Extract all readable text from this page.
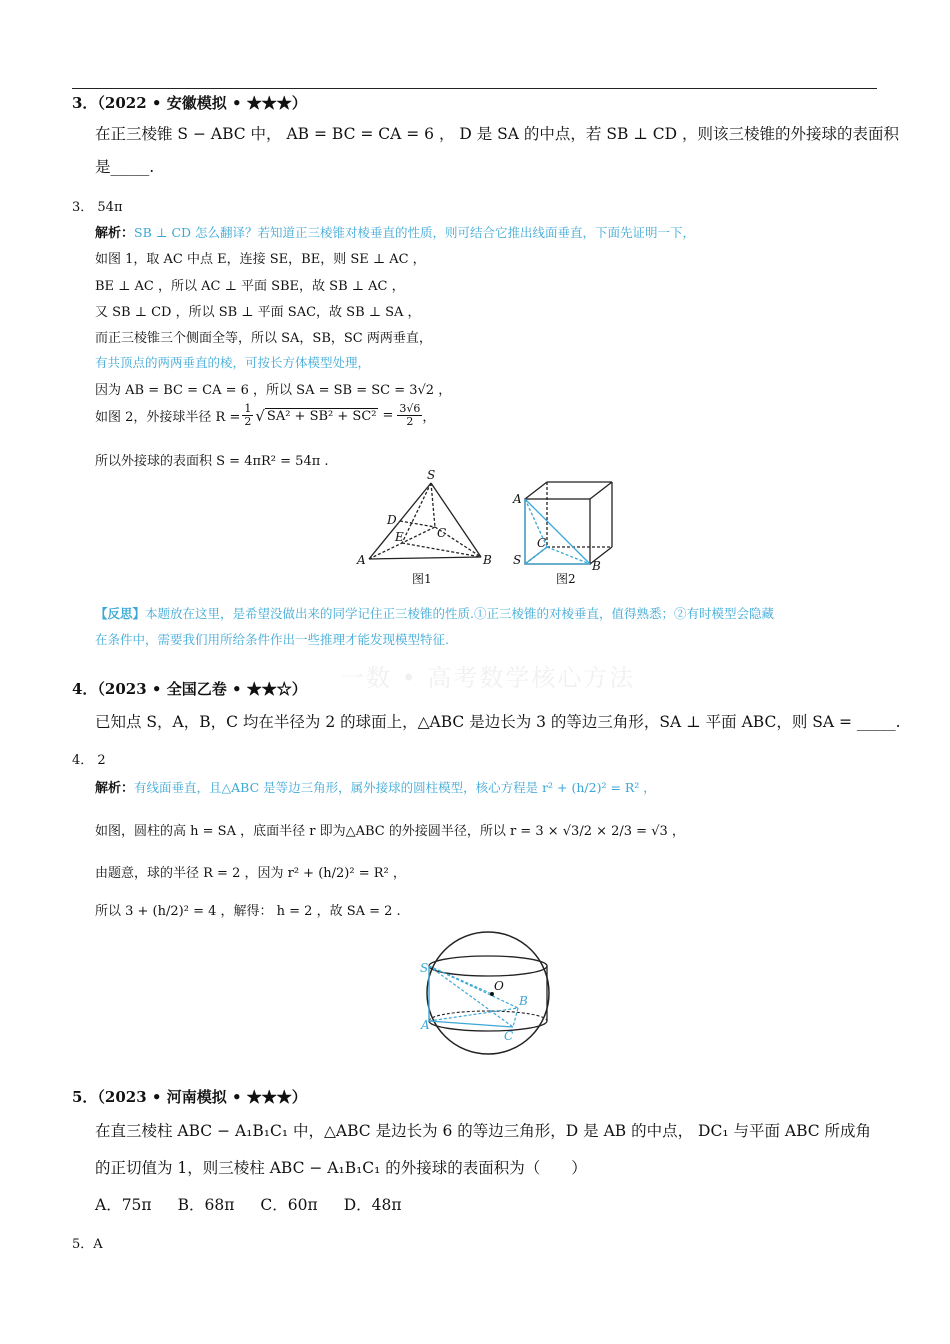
一数 • 高考数学核心方法
3．（2022 • 安徽模拟 • ★★★）
在正三棱锥 S − ABC 中， AB = BC = CA = 6 ， D 是 SA 的中点，若 SB ⊥ CD ，则该三棱锥的外接球的表面积
是_____.
3． 54π
解析：SB ⊥ CD 怎么翻译？若知道正三棱锥对棱垂直的性质，则可结合它推出线面垂直，下面先证明一下，
如图 1，取 AC 中点 E，连接 SE，BE，则 SE ⊥ AC ，
BE ⊥ AC ，所以 AC ⊥ 平面 SBE，故 SB ⊥ AC ，
又 SB ⊥ CD ，所以 SB ⊥ 平面 SAC，故 SB ⊥ SA ，
而正三棱锥三个侧面全等，所以 SA，SB，SC 两两垂直，
有共顶点的两两垂直的棱，可按长方体模型处理，
因为 AB = BC = CA = 6 ，所以 SA = SB = SC = 3√2 ，
如图 2，外接球半径 $R = \frac{1}{2}$ √ $SA^2 + SB^2 + SC^2 = \frac{3√6}{2}$ ，
所以外接球的表面积 S = 4πR² = 54π .
S
D
E	C
A	B
图1
A
C
S	B
图2
【反思】本题放在这里，是希望没做出来的同学记住正三棱锥的性质.①正三棱锥的对棱垂直，值得熟悉；②有时模型会隐藏
在条件中，需要我们用所给条件作出一些推理才能发现模型特征.
4．（2023 • 全国乙卷 • ★★☆）
已知点 S，A，B，C 均在半径为 2 的球面上，△ABC 是边长为 3 的等边三角形，SA ⊥ 平面 ABC，则 SA = _____.
4． 2
解析：有线面垂直，且△ABC 是等边三角形，属外接球的圆柱模型，核心方程是 r² + (h/2)² = R² ，
如图，圆柱的高 h = SA ，底面半径 r 即为△ABC 的外接圆半径，所以 r = 3 × √3/2 × 2/3 = √3 ，
由题意，球的半径 R = 2 ，因为 r² + (h/2)² = R² ，
所以 3 + (h/2)² = 4 ，解得： h = 2 ，故 SA = 2 .
S
O
B
A
C
5．（2023 • 河南模拟 • ★★★）
在直三棱柱 ABC − A₁B₁C₁ 中，△ABC 是边长为 6 的等边三角形，D 是 AB 的中点， DC₁ 与平面 ABC 所成角
的正切值为 1，则三棱柱 ABC − A₁B₁C₁ 的外接球的表面积为（　　）
A．75π B．68π C．60π D．48π
5．A
